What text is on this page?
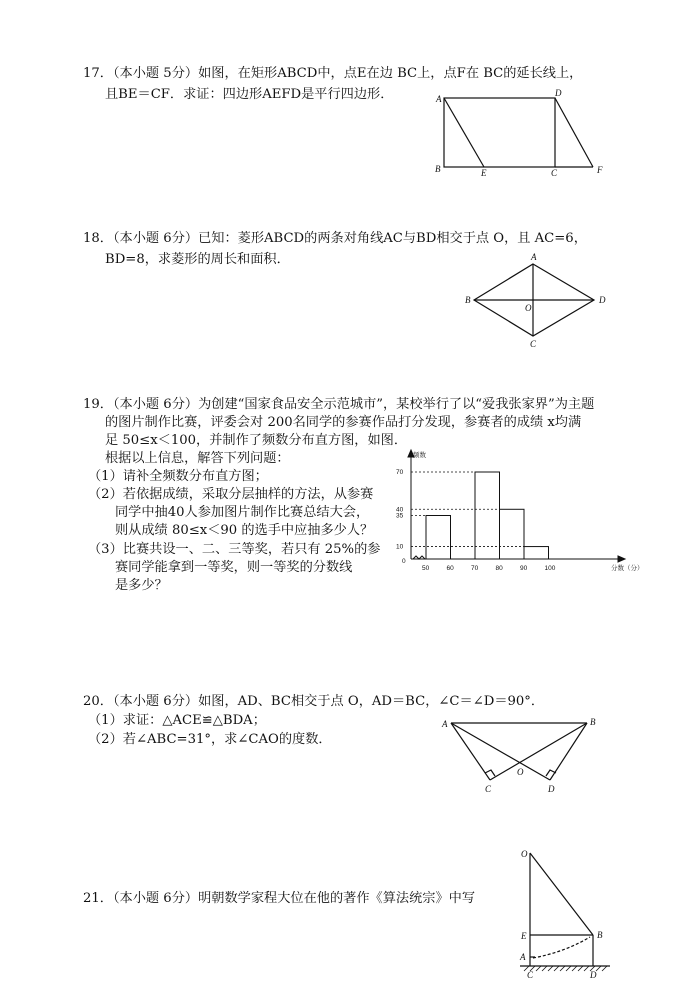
17．（本小题 5分）如图，在矩形ABCD中，点E在边 BC上，点F在 BC的延长线上，
且BE＝CF．求证：四边形AEFD是平行四边形．	A
D
B	E	C	F
18．（本小题 6分）已知：菱形ABCD的两条对角线AC与BD相交于点 O，且 AC=6，
BD=8，求菱形的周长和面积．	A
B	D
O
C
19．（本小题 6分）为创建“国家食品安全示范城市”，某校举行了以“爱我张家界”为主题
的图片制作比赛，评委会对 200名同学的参赛作品打分发现，参赛者的成绩 x均满
足 50≤x＜100，并制作了频数分布直方图，如图．
根据以上信息，解答下列问题：
（1）请补全频数分布直方图；
（2）若依据成绩，采取分层抽样的方法，从参赛
同学中抽40人参加图片制作比赛总结大会，
则从成绩 80≤x＜90 的选手中应抽多少人？
（3）比赛共设一、二、三等奖，若只有 25%的参
赛同学能拿到一等奖，则一等奖的分数线
是多少？
10
35
40
70
50	60	70	80	90	100
频数
分数（分）
0
20．（本小题 6分）如图，AD、BC相交于点 O，AD＝BC，∠C＝∠D＝90°．
（1）求证：△ACE≌△BDA；
（2）若∠ABC=31°，求∠CAO的度数．
A	B
O
C	D
21．（本小题 6分）明朝数学家程大位在他的著作《算法统宗》中写
O
E	B
A
C	D
